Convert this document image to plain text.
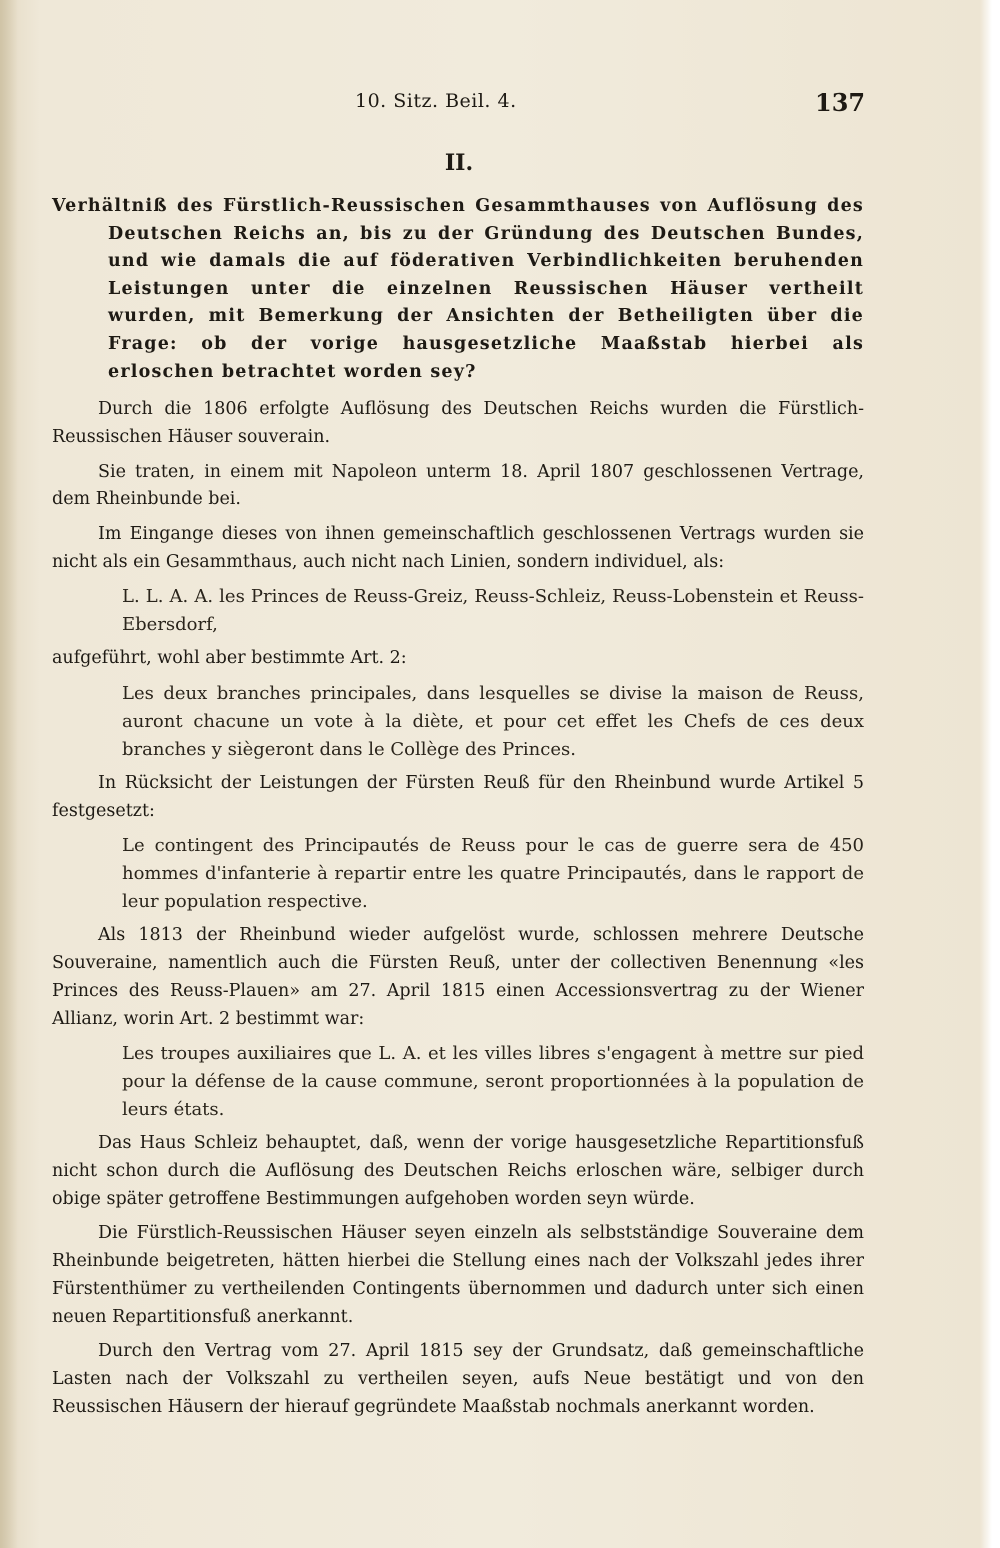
10. Sitz. Beil. 4.	137
II.

Verhältniß des Fürstlich-Reussischen Gesammthauses von Auflösung des Deutschen Reichs an, bis zu der Gründung des Deutschen Bundes, und wie damals die auf föderativen Verbindlichkeiten beruhenden Leistungen unter die einzelnen Reussischen Häuser vertheilt wurden, mit Bemerkung der Ansichten der Betheiligten über die Frage: ob der vorige hausgesetzliche Maaßstab hierbei als erloschen betrachtet worden sey?

Durch die 1806 erfolgte Auflösung des Deutschen Reichs wurden die Fürstlich-Reussischen Häuser souverain.

Sie traten, in einem mit Napoleon unterm 18. April 1807 geschlossenen Vertrage, dem Rheinbunde bei.

Im Eingange dieses von ihnen gemeinschaftlich geschlossenen Vertrags wurden sie nicht als ein Gesammthaus, auch nicht nach Linien, sondern individuel, als:

L. L. A. A. les Princes de Reuss-Greiz, Reuss-Schleiz, Reuss-Lobenstein et Reuss-Ebersdorf,

aufgeführt, wohl aber bestimmte Art. 2:

Les deux branches principales, dans lesquelles se divise la maison de Reuss, auront chacune un vote à la diète, et pour cet effet les Chefs de ces deux branches y siègeront dans le Collège des Princes.

In Rücksicht der Leistungen der Fürsten Reuß für den Rheinbund wurde Artikel 5 festgesetzt:

Le contingent des Principautés de Reuss pour le cas de guerre sera de 450 hommes d'infanterie à repartir entre les quatre Principautés, dans le rapport de leur population respective.

Als 1813 der Rheinbund wieder aufgelöst wurde, schlossen mehrere Deutsche Souveraine, namentlich auch die Fürsten Reuß, unter der collectiven Benennung «les Princes des Reuss-Plauen» am 27. April 1815 einen Accessionsvertrag zu der Wiener Allianz, worin Art. 2 bestimmt war:

Les troupes auxiliaires que L. A. et les villes libres s'engagent à mettre sur pied pour la défense de la cause commune, seront proportionnées à la population de leurs états.

Das Haus Schleiz behauptet, daß, wenn der vorige hausgesetzliche Repartitionsfuß nicht schon durch die Auflösung des Deutschen Reichs erloschen wäre, selbiger durch obige später getroffene Bestimmungen aufgehoben worden seyn würde.

Die Fürstlich-Reussischen Häuser seyen einzeln als selbstständige Souveraine dem Rheinbunde beigetreten, hätten hierbei die Stellung eines nach der Volkszahl jedes ihrer Fürstenthümer zu vertheilenden Contingents übernommen und dadurch unter sich einen neuen Repartitionsfuß anerkannt.

Durch den Vertrag vom 27. April 1815 sey der Grundsatz, daß gemeinschaftliche Lasten nach der Volkszahl zu vertheilen seyen, aufs Neue bestätigt und von den Reussischen Häusern der hierauf gegründete Maaßstab nochmals anerkannt worden.
